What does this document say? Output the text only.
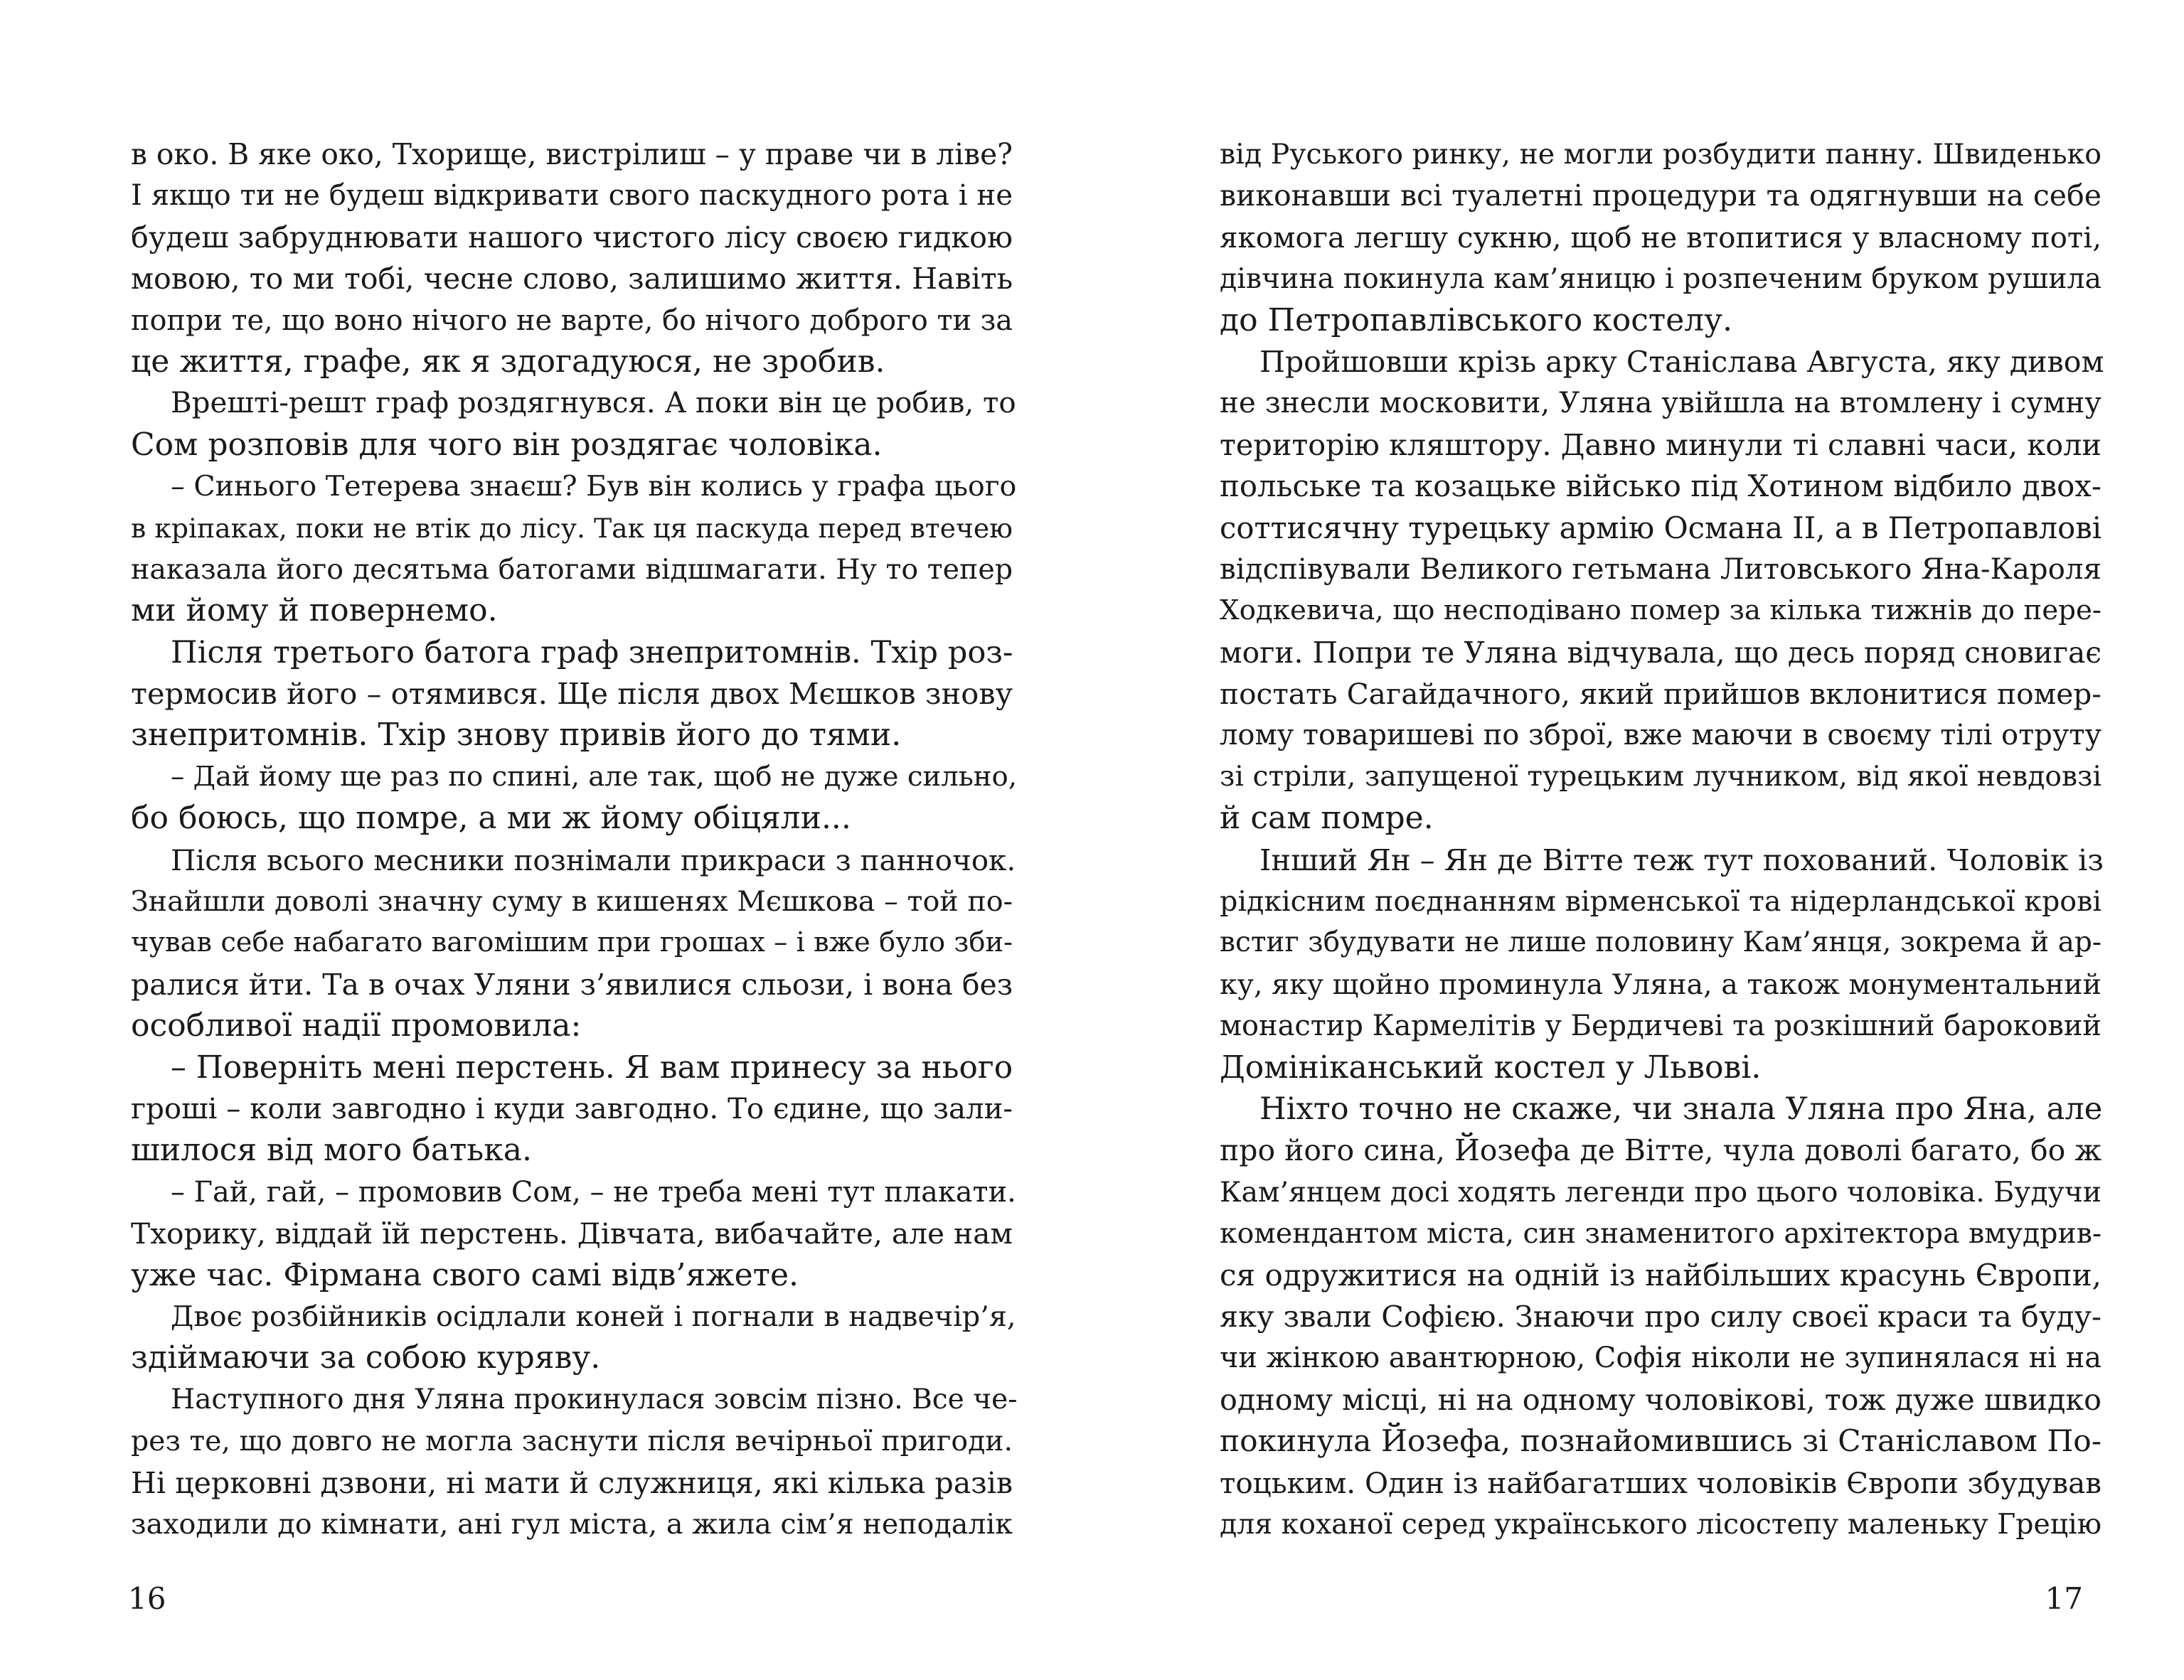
в око. В яке око, Тхорище, вистрілиш – у праве чи в ліве?
І якщо ти не будеш відкривати свого паскудного рота і не
будеш забруднювати нашого чистого лісу своєю гидкою
мовою, то ми тобі, чесне слово, залишимо життя. Навіть
попри те, що воно нічого не варте, бо нічого доброго ти за
це життя, графе, як я здогадуюся, не зробив.
Врешті-решт граф роздягнувся. А поки він це робив, то
Сом розповів для чого він роздягає чоловіка.
– Синього Тетерева знаєш? Був він колись у графа цього
в кріпаках, поки не втік до лісу. Так ця паскуда перед втечею
наказала його десятьма батогами відшмагати. Ну то тепер
ми йому й повернемо.
Після третього батога граф знепритомнів. Тхір роз-
термосив його – отямився. Ще після двох Мєшков знову
знепритомнів. Тхір знову привів його до тями.
– Дай йому ще раз по спині, але так, щоб не дуже сильно,
бо боюсь, що помре, а ми ж йому обіцяли...
Після всього месники познімали прикраси з панночок.
Знайшли доволі значну суму в кишенях Мєшкова – той по-
чував себе набагато вагомішим при грошах – і вже було зби-
ралися йти. Та в очах Уляни з’явилися сльози, і вона без
особливої надії промовила:
– Поверніть мені перстень. Я вам принесу за нього
гроші – коли завгодно і куди завгодно. То єдине, що зали-
шилося від мого батька.
– Гай, гай, – промовив Сом, – не треба мені тут плакати.
Тхорику, віддай їй перстень. Дівчата, вибачайте, але нам
уже час. Фірмана свого самі відв’яжете.
Двоє розбійників осідлали коней і погнали в надвечір’я,
здіймаючи за собою куряву.
Наступного дня Уляна прокинулася зовсім пізно. Все че-
рез те, що довго не могла заснути після вечірньої пригоди.
Ні церковні дзвони, ні мати й служниця, які кілька разів
заходили до кімнати, ані гул міста, а жила сім’я неподалік
16
від Руського ринку, не могли розбудити панну. Швиденько
виконавши всі туалетні процедури та одягнувши на себе
якомога легшу сукню, щоб не втопитися у власному поті,
дівчина покинула кам’яницю і розпеченим бруком рушила
до Петропавлівського костелу.
Пройшовши крізь арку Станіслава Августа, яку дивом
не знесли московити, Уляна увійшла на втомлену і сумну
територію кляштору. Давно минули ті славні часи, коли
польське та козацьке військо під Хотином відбило двох-
соттисячну турецьку армію Османа II, а в Петропавлові
відспівували Великого гетьмана Литовського Яна-Кароля
Ходкевича, що несподівано помер за кілька тижнів до пере-
моги. Попри те Уляна відчувала, що десь поряд сновигає
постать Сагайдачного, який прийшов вклонитися помер-
лому товаришеві по зброї, вже маючи в своєму тілі отруту
зі стріли, запущеної турецьким лучником, від якої невдовзі
й сам помре.
Інший Ян – Ян де Вітте теж тут похований. Чоловік із
рідкісним поєднанням вірменської та нідерландської крові
встиг збудувати не лише половину Кам’янця, зокрема й ар-
ку, яку щойно проминула Уляна, а також монументальний
монастир Кармелітів у Бердичеві та розкішний бароковий
Домініканський костел у Львові.
Ніхто точно не скаже, чи знала Уляна про Яна, але
про його сина, Йозефа де Вітте, чула доволі багато, бо ж
Кам’янцем досі ходять легенди про цього чоловіка. Будучи
комендантом міста, син знаменитого архітектора вмудрив-
ся одружитися на одній із найбільших красунь Європи,
яку звали Софією. Знаючи про силу своєї краси та буду-
чи жінкою авантюрною, Софія ніколи не зупинялася ні на
одному місці, ні на одному чоловікові, тож дуже швидко
покинула Йозефа, познайомившись зі Станіславом По-
тоцьким. Один із найбагатших чоловіків Європи збудував
для коханої серед українського лісостепу маленьку Грецію
17
